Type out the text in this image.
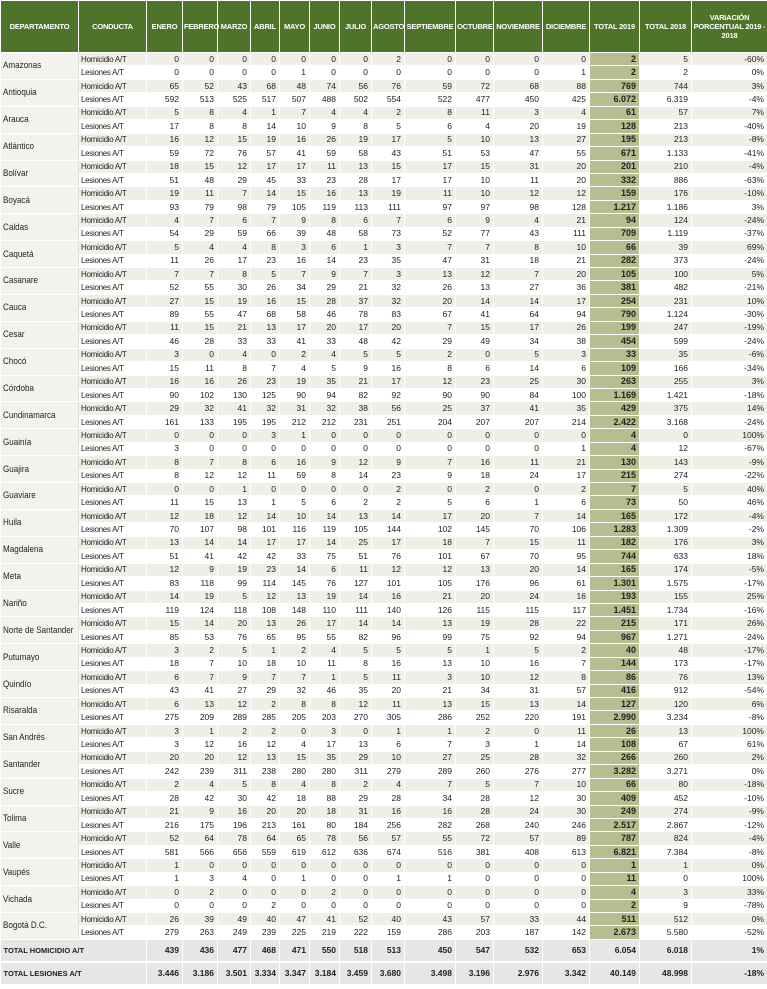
DEPARTAMENTO	CONDUCTA	ENERO	FEBRERO	MARZO	ABRIL	MAYO	JUNIO	JULIO	AGOSTO	SEPTIEMBRE	OCTUBRE	NOVIEMBRE	DICIEMBRE	TOTAL 2019	TOTAL 2018	VARIACIÓN PORCENTUAL 2019 - 2018
Amazonas	Homicidio A/T	0	0	0	0	0	0	0	2	0	0	0	0	2	5	-60%
	Lesiones A/T	0	0	0	0	1	0	0	0	0	0	0	1	2	2	0%
Antioquia	Homicidio A/T	65	52	43	68	48	74	56	76	59	72	68	88	769	744	3%
	Lesiones A/T	592	513	525	517	507	488	502	554	522	477	450	425	6.072	6.319	-4%
Arauca	Homicidio A/T	5	8	4	1	7	4	4	2	8	11	3	4	61	57	7%
	Lesiones A/T	17	8	8	14	10	9	8	5	6	4	20	19	128	213	-40%
Atlántico	Homicidio A/T	16	12	15	19	16	26	19	17	5	10	13	27	195	213	-8%
	Lesiones A/T	59	72	76	57	41	59	58	43	51	53	47	55	671	1.133	-41%
Bolívar	Homicidio A/T	18	15	12	17	17	11	13	15	17	15	31	20	201	210	-4%
	Lesiones A/T	51	48	29	45	33	23	28	17	17	10	11	20	332	886	-63%
Boyacá	Homicidio A/T	19	11	7	14	15	16	13	19	11	10	12	12	159	176	-10%
	Lesiones A/T	93	79	98	79	105	119	113	111	97	97	98	128	1.217	1.186	3%
Caldas	Homicidio A/T	4	7	6	7	9	8	6	7	6	9	4	21	94	124	-24%
	Lesiones A/T	54	29	59	66	39	48	58	73	52	77	43	111	709	1.119	-37%
Caquetá	Homicidio A/T	5	4	4	8	3	6	1	3	7	7	8	10	66	39	69%
	Lesiones A/T	11	26	17	23	16	14	23	35	47	31	18	21	282	373	-24%
Casanare	Homicidio A/T	7	7	8	5	7	9	7	3	13	12	7	20	105	100	5%
	Lesiones A/T	52	55	30	26	34	29	21	32	26	13	27	36	381	482	-21%
Cauca	Homicidio A/T	27	15	19	16	15	28	37	32	20	14	14	17	254	231	10%
	Lesiones A/T	89	55	47	68	58	46	78	83	67	41	64	94	790	1.124	-30%
Cesar	Homicidio A/T	11	15	21	13	17	20	17	20	7	15	17	26	199	247	-19%
	Lesiones A/T	46	28	33	33	41	33	48	42	29	49	34	38	454	599	-24%
Chocó	Homicidio A/T	3	0	4	0	2	4	5	5	2	0	5	3	33	35	-6%
	Lesiones A/T	15	11	8	7	4	5	9	16	8	6	14	6	109	166	-34%
Córdoba	Homicidio A/T	16	16	26	23	19	35	21	17	12	23	25	30	263	255	3%
	Lesiones A/T	90	102	130	125	90	94	82	92	90	90	84	100	1.169	1.421	-18%
Cundinamarca	Homicidio A/T	29	32	41	32	31	32	38	56	25	37	41	35	429	375	14%
	Lesiones A/T	161	133	195	195	212	212	231	251	204	207	207	214	2.422	3.168	-24%
Guainía	Homicidio A/T	0	0	0	3	1	0	0	0	0	0	0	0	4	0	100%
	Lesiones A/T	3	0	0	0	0	0	0	0	0	0	0	1	4	12	-67%
Guajira	Homicidio A/T	8	7	8	6	16	9	12	9	7	16	11	21	130	143	-9%
	Lesiones A/T	8	12	12	11	59	8	14	23	9	18	24	17	215	274	-22%
Guaviare	Homicidio A/T	0	0	1	0	0	0	0	2	0	2	0	2	7	5	40%
	Lesiones A/T	11	15	13	1	5	6	2	2	5	6	1	6	73	50	46%
Huila	Homicidio A/T	12	18	12	14	10	14	13	14	17	20	7	14	165	172	-4%
	Lesiones A/T	70	107	98	101	116	119	105	144	102	145	70	106	1.283	1.309	-2%
Magdalena	Homicidio A/T	13	14	14	17	17	14	25	17	18	7	15	11	182	176	3%
	Lesiones A/T	51	41	42	42	33	75	51	76	101	67	70	95	744	633	18%
Meta	Homicidio A/T	12	9	19	23	14	6	11	12	12	13	20	14	165	174	-5%
	Lesiones A/T	83	118	99	114	145	76	127	101	105	176	96	61	1.301	1.575	-17%
Nariño	Homicidio A/T	14	19	5	12	13	19	14	16	21	20	24	16	193	155	25%
	Lesiones A/T	119	124	118	108	148	110	111	140	126	115	115	117	1.451	1.734	-16%
Norte de Santander	Homicidio A/T	15	14	20	13	26	17	14	14	13	19	28	22	215	171	26%
	Lesiones A/T	85	53	76	65	95	55	82	96	99	75	92	94	967	1.271	-24%
Putumayo	Homicidio A/T	3	2	5	1	2	4	5	5	5	1	5	2	40	48	-17%
	Lesiones A/T	18	7	10	18	10	11	8	16	13	10	16	7	144	173	-17%
Quindío	Homicidio A/T	6	7	9	7	7	1	5	11	3	10	12	8	86	76	13%
	Lesiones A/T	43	41	27	29	32	46	35	20	21	34	31	57	416	912	-54%
Risaralda	Homicidio A/T	6	13	12	2	8	8	12	11	13	15	13	14	127	120	6%
	Lesiones A/T	275	209	289	285	205	203	270	305	286	252	220	191	2.990	3.234	-8%
San Andrés	Homicidio A/T	3	1	2	2	0	3	0	1	1	2	0	11	26	13	100%
	Lesiones A/T	3	12	16	12	4	17	13	6	7	3	1	14	108	67	61%
Santander	Homicidio A/T	20	20	12	13	15	35	29	10	27	25	28	32	266	260	2%
	Lesiones A/T	242	239	311	238	280	280	311	279	289	260	276	277	3.282	3.271	0%
Sucre	Homicidio A/T	2	4	5	8	4	8	2	4	7	5	7	10	66	80	-18%
	Lesiones A/T	28	42	30	42	18	88	29	28	34	28	12	30	409	452	-10%
Tolima	Homicidio A/T	21	9	16	20	20	18	31	16	16	28	24	30	249	274	-9%
	Lesiones A/T	216	175	196	213	161	80	184	256	282	268	240	246	2.517	2.867	-12%
Valle	Homicidio A/T	52	64	78	64	65	78	56	57	55	72	57	89	787	824	-4%
	Lesiones A/T	581	566	656	559	619	612	636	674	516	381	408	613	6.821	7.384	-8%
Vaupés	Homicidio A/T	1	0	0	0	0	0	0	0	0	0	0	0	1	1	0%
	Lesiones A/T	1	3	4	0	1	0	0	1	1	0	0	0	11	0	100%
Vichada	Homicidio A/T	0	2	0	0	0	2	0	0	0	0	0	0	4	3	33%
	Lesiones A/T	0	0	0	2	0	0	0	0	0	0	0	0	2	9	-78%
Bogotá D.C.	Homicidio A/T	26	39	49	40	47	41	52	40	43	57	33	44	511	512	0%
	Lesiones A/T	279	263	249	239	225	219	222	159	286	203	187	142	2.673	5.580	-52%
TOTAL HOMICIDIO A/T		439	436	477	468	471	550	518	513	450	547	532	653	6.054	6.018	1%
TOTAL LESIONES A/T		3.446	3.186	3.501	3.334	3.347	3.184	3.459	3.680	3.498	3.196	2.976	3.342	40.149	48.998	-18%
